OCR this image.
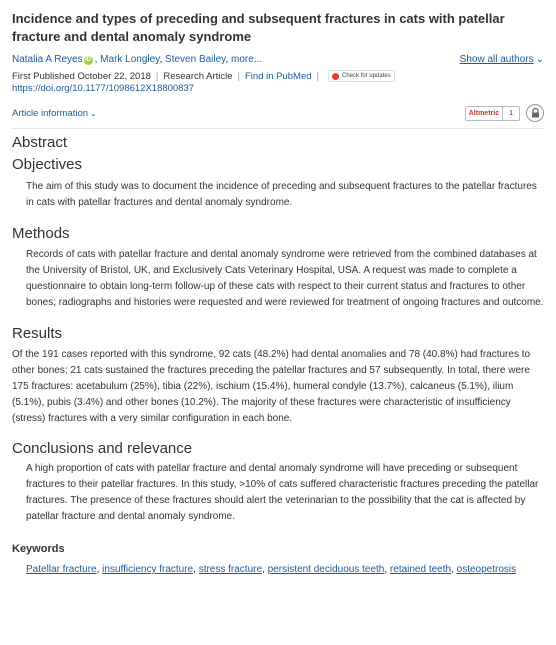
Incidence and types of preceding and subsequent fractures in cats with patellar fracture and dental anomaly syndrome
Natalia A Reyes iD , Mark Longley, Steven Bailey, more...	Show all authors ⌄
First Published October 22, 2018 | Research Article | Find in PubMed |	Check for updates
https://doi.org/10.1177/1098612X18800837
Article information ⌄	Altmetric	1
Abstract
Objectives

The aim of this study was to document the incidence of preceding and subsequent fractures to the patellar fractures in cats with patellar fractures and dental anomaly syndrome.

Methods

Records of cats with patellar fracture and dental anomaly syndrome were retrieved from the combined databases at the University of Bristol, UK, and Exclusively Cats Veterinary Hospital, USA. A request was made to complete a questionnaire to obtain long-term follow-up of these cats with respect to their current status and fractures to other bones; radiographs and histories were requested and were reviewed for treatment of ongoing fractures and outcome.

Results

Of the 191 cases reported with this syndrome, 92 cats (48.2%) had dental anomalies and 78 (40.8%) had fractures to other bones; 21 cats sustained the fractures preceding the patellar fractures and 57 subsequently. In total, there were 175 fractures: acetabulum (25%), tibia (22%), ischium (15.4%), humeral condyle (13.7%), calcaneus (5.1%), ilium (5.1%), pubis (3.4%) and other bones (10.2%). The majority of these fractures were characteristic of insufficiency (stress) fractures with a very similar configuration in each bone.

Conclusions and relevance

A high proportion of cats with patellar fracture and dental anomaly syndrome will have preceding or subsequent fractures to their patellar fractures. In this study, >10% of cats suffered characteristic fractures preceding the patellar fractures. The presence of these fractures should alert the veterinarian to the possibility that the cat is affected by patellar fracture and dental anomaly syndrome.

Keywords
Patellar fracture, insufficiency fracture, stress fracture, persistent deciduous teeth, retained teeth, osteopetrosis
